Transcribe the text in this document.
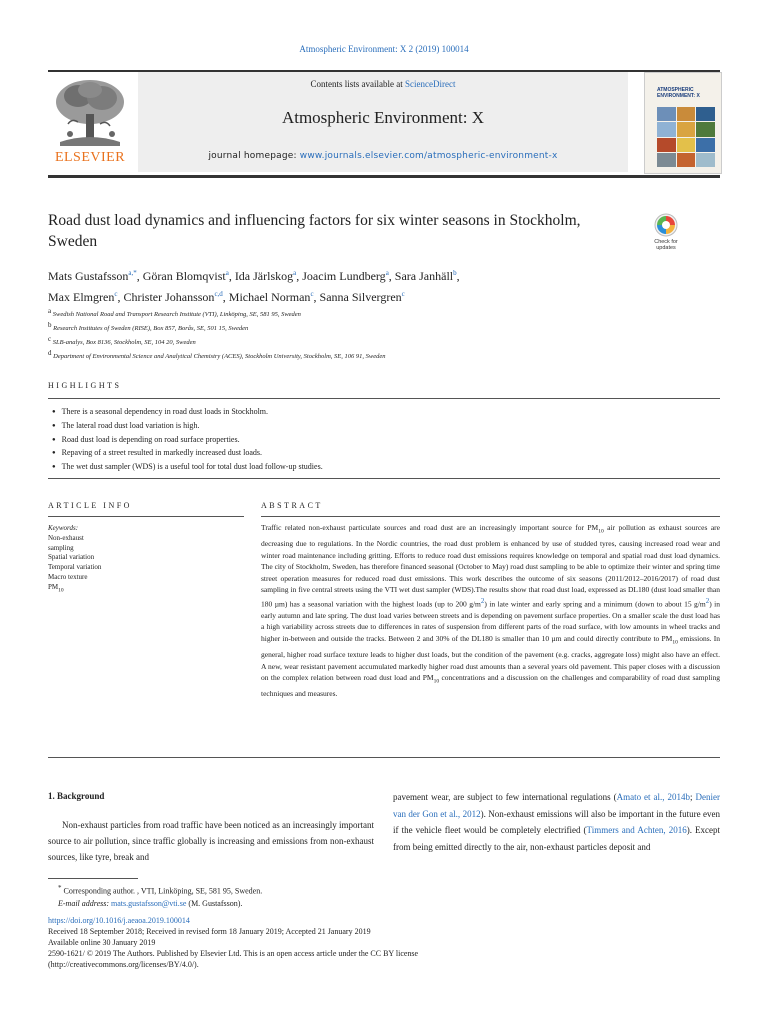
Atmospheric Environment: X 2 (2019) 100014
Contents lists available at ScienceDirect
Atmospheric Environment: X
journal homepage: www.journals.elsevier.com/atmospheric-environment-x
ELSEVIER
ATMOSPHERIC ENVIRONMENT: X
Road dust load dynamics and influencing factors for six winter seasons in Stockholm, Sweden	Check for updates
Mats Gustafsson$^{a,*}$, Göran Blomqvist$^a$, Ida Järlskog$^a$, Joacim Lundberg$^a$, Sara Janhäll$^b$,
Max Elmgren$^c$, Christer Johansson$^{c,d}$, Michael Norman$^c$, Sanna Silvergren$^c$
$^a$ Swedish National Road and Transport Research Institute (VTI), Linköping, SE, 581 95, Sweden
$^b$ Research Institutes of Sweden (RISE), Box 857, Borås, SE, 501 15, Sweden
$^c$ SLB-analys, Box 8136, Stockholm, SE, 104 20, Sweden
$^d$ Department of Environmental Science and Analytical Chemistry (ACES), Stockholm University, Stockholm, SE, 106 91, Sweden
HIGHLIGHTS
● There is a seasonal dependency in road dust loads in Stockholm.
● The lateral road dust load variation is high.
● Road dust load is depending on road surface properties.
● Repaving of a street resulted in markedly increased dust loads.
● The wet dust sampler (WDS) is a useful tool for total dust load follow-up studies.
ARTICLE INFO	ABSTRACT
Keywords:
Non-exhaust
sampling
Spatial variation
Temporal variation
Macro texture
$PM_{10}$

Traffic related non-exhaust particulate sources and road dust are an increasingly important source for $PM_{10}$ air pollution as exhaust sources are decreasing due to regulations. In the Nordic countries, the road dust problem is enhanced by use of studded tyres, causing increased road wear and winter road maintenance including gritting. Efforts to reduce road dust emissions requires knowledge on temporal and spatial road dust load dynamics. The city of Stockholm, Sweden, has therefore financed seasonal (October to May) road dust sampling to be able to optimize their winter and spring time street operation measures for reduced road dust emissions. This work describes the outcome of six seasons (2011/2012–2016/2017) of road dust sampling in five central streets using the VTI wet dust sampler (WDS).The results show that road dust load, expressed as DL180 (dust load smaller than 180 µm) has a seasonal variation with the highest loads (up to 200 $g/m^2$) in late winter and early spring and a minimum (down to about 15 $g/m^2$) in early autumn and late spring. The dust load varies between streets and is depending on pavement surface properties. On a smaller scale the dust load has a high variability across streets due to differences in rates of suspension from different parts of the road surface, with low amounts in wheel tracks and higher in-between and outside the tracks. Between 2 and 30% of the DL180 is smaller than 10 µm and could directly contribute to $PM_{10}$ emissions. In general, higher road surface texture leads to higher dust loads, but the condition of the pavement (e.g. cracks, aggregate loss) might also have an effect. A new, wear resistant pavement accumulated markedly higher road dust amounts than a several years old pavement. This paper closes with a discussion on the complex relation between road dust load and $PM_{10}$ concentrations and a discussion on the challenges and comparability of road dust sampling techniques and measures.

1. Background

Non-exhaust particles from road traffic have been noticed as an increasingly important source to air pollution, since traffic globally is increasing and emissions from non-exhaust sources, like tyre, break and

pavement wear, are subject to few international regulations (Amato et al., 2014b; Denier van der Gon et al., 2012). Non-exhaust emissions will also be important in the future even if the vehicle fleet would be completely electrified (Timmers and Achten, 2016). Except from being emitted directly to the air, non-exhaust particles deposit and

* Corresponding author. , VTI, Linköping, SE, 581 95, Sweden.
E-mail address: mats.gustafsson@vti.se (M. Gustafsson).
https://doi.org/10.1016/j.aeaoa.2019.100014
Received 18 September 2018; Received in revised form 18 January 2019; Accepted 21 January 2019
Available online 30 January 2019
2590-1621/ © 2019 The Authors. Published by Elsevier Ltd. This is an open access article under the CC BY license
(http://creativecommons.org/licenses/BY/4.0/).
